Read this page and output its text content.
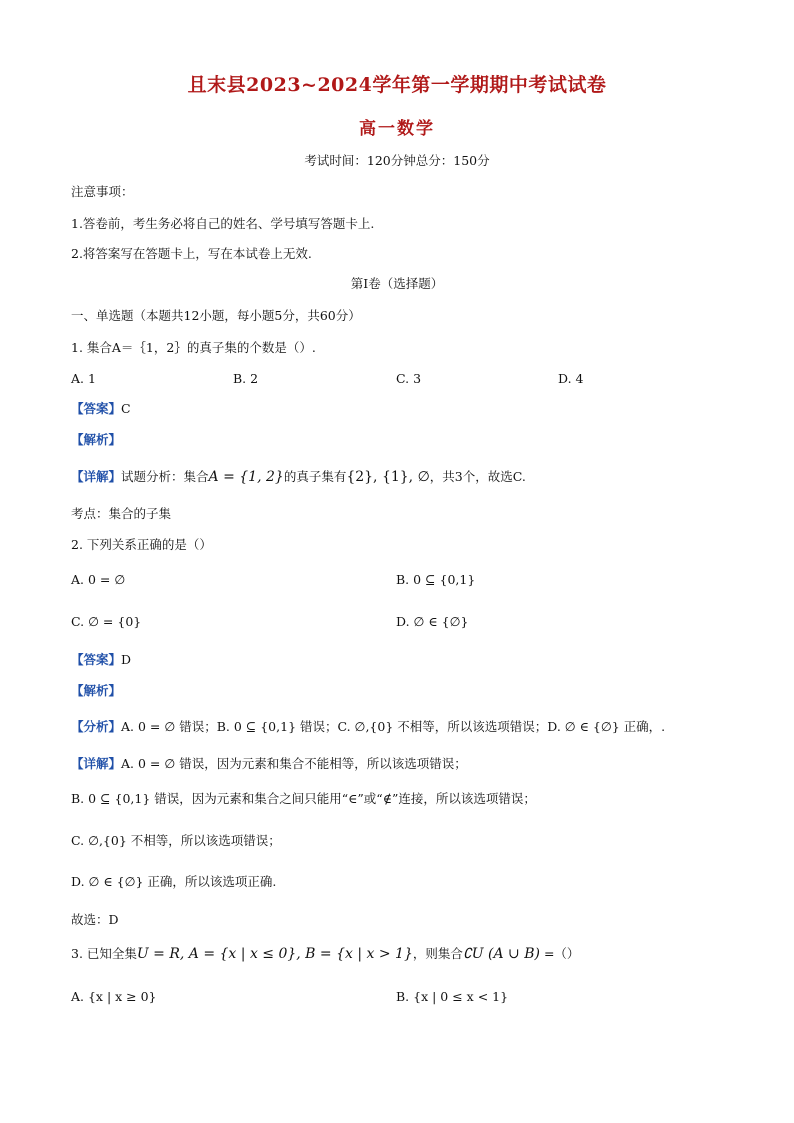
且末县2023~2024学年第一学期期中考试试卷
高一数学
考试时间：120分钟总分：150分
注意事项：
1.答卷前，考生务必将自己的姓名、学号填写答题卡上.
2.将答案写在答题卡上，写在本试卷上无效.
第Ⅰ卷（选择题）
一、单选题（本题共12小题，每小题5分，共60分）
1. 集合A＝｛1，2｝的真子集的个数是（）.
A. 1	B. 2	C. 3	D. 4
【答案】C
【解析】
【详解】试题分析：集合A = {1, 2}的真子集有{2}, {1}, ∅，共3个，故选C.
考点：集合的子集
2. 下列关系正确的是（）
A. 0 = ∅	B. 0 ⊆ {0,1}
C. ∅ = {0}	D. ∅ ∈ {∅}
【答案】D
【解析】
【分析】A. 0 = ∅ 错误；B. 0 ⊆ {0,1} 错误；C. ∅,{0} 不相等，所以该选项错误；D. ∅ ∈ {∅} 正确，.
【详解】A. 0 = ∅ 错误，因为元素和集合不能相等，所以该选项错误；
B. 0 ⊆ {0,1} 错误，因为元素和集合之间只能用“∈”或“∉”连接，所以该选项错误；
C. ∅,{0} 不相等，所以该选项错误；
D. ∅ ∈ {∅} 正确，所以该选项正确.
故选：D
3. 已知全集U = R, A = {x | x ≤ 0}, B = {x | x > 1}，则集合∁U (A ∪ B) =（）
A. {x | x ≥ 0}	B. {x | 0 ≤ x < 1}
